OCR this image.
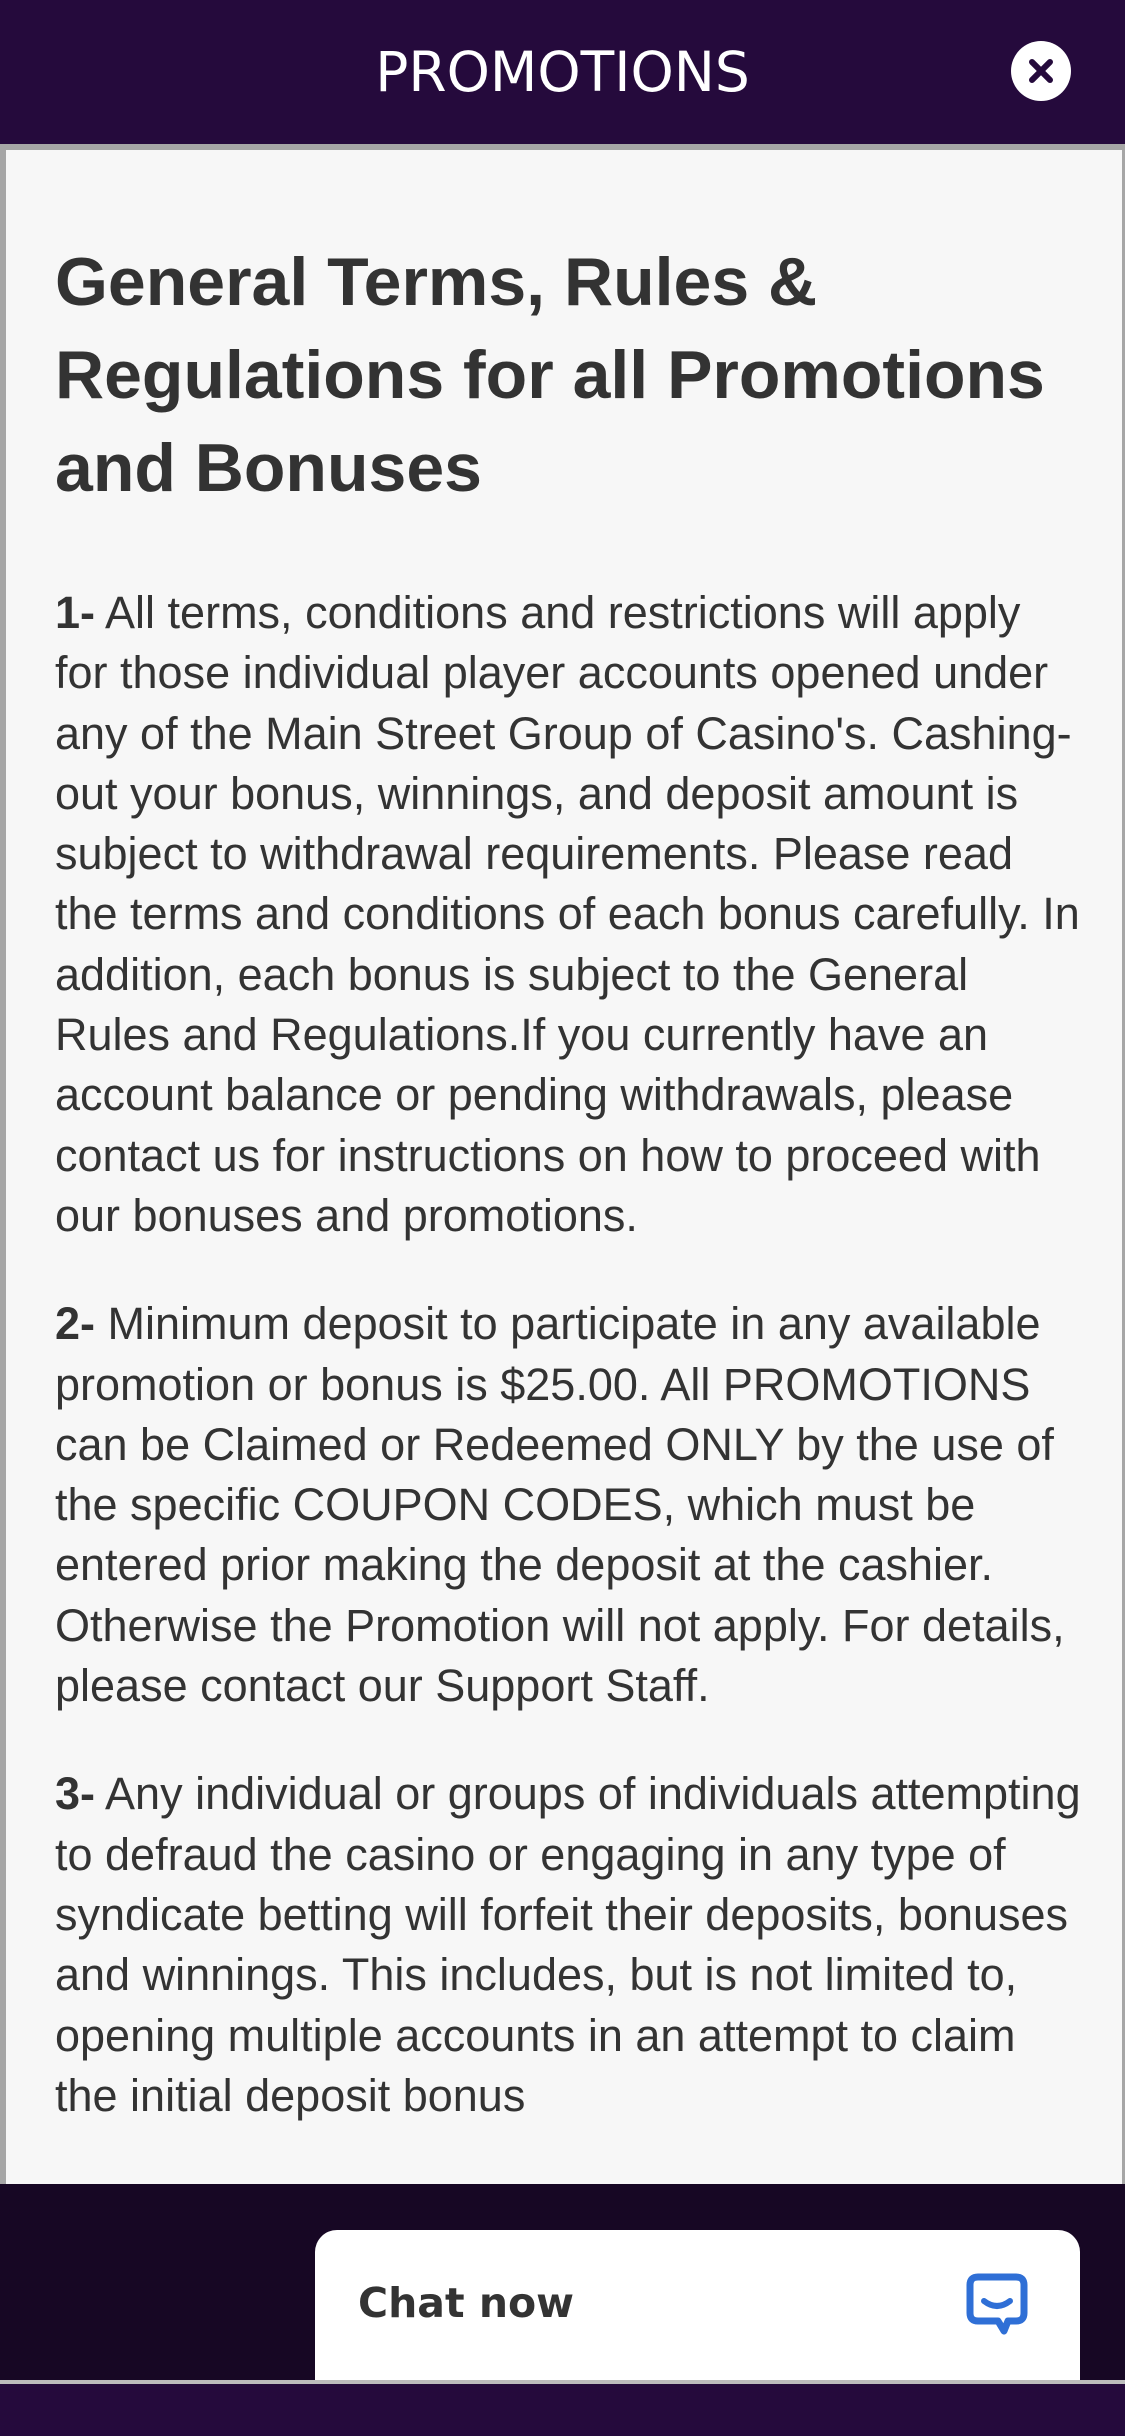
PROMOTIONS
General Terms, Rules & Regulations for all Promotions and Bonuses

1- All terms, conditions and restrictions will apply for those individual player accounts opened under any of the Main Street Group of Casino's. Cashing-out your bonus, winnings, and deposit amount is subject to withdrawal requirements. Please read the terms and conditions of each bonus carefully. In addition, each bonus is subject to the General Rules and Regulations.If you currently have an account balance or pending withdrawals, please contact us for instructions on how to proceed with our bonuses and promotions.

2- Minimum deposit to participate in any available promotion or bonus is $25.00. All PROMOTIONS can be Claimed or Redeemed ONLY by the use of the specific COUPON CODES, which must be entered prior making the deposit at the cashier. Otherwise the Promotion will not apply. For details, please contact our Support Staff.

3- Any individual or groups of individuals attempting to defraud the casino or engaging in any type of syndicate betting will forfeit their deposits, bonuses and winnings. This includes, but is not limited to, opening multiple accounts in an attempt to claim the initial deposit bonus

Chat now
